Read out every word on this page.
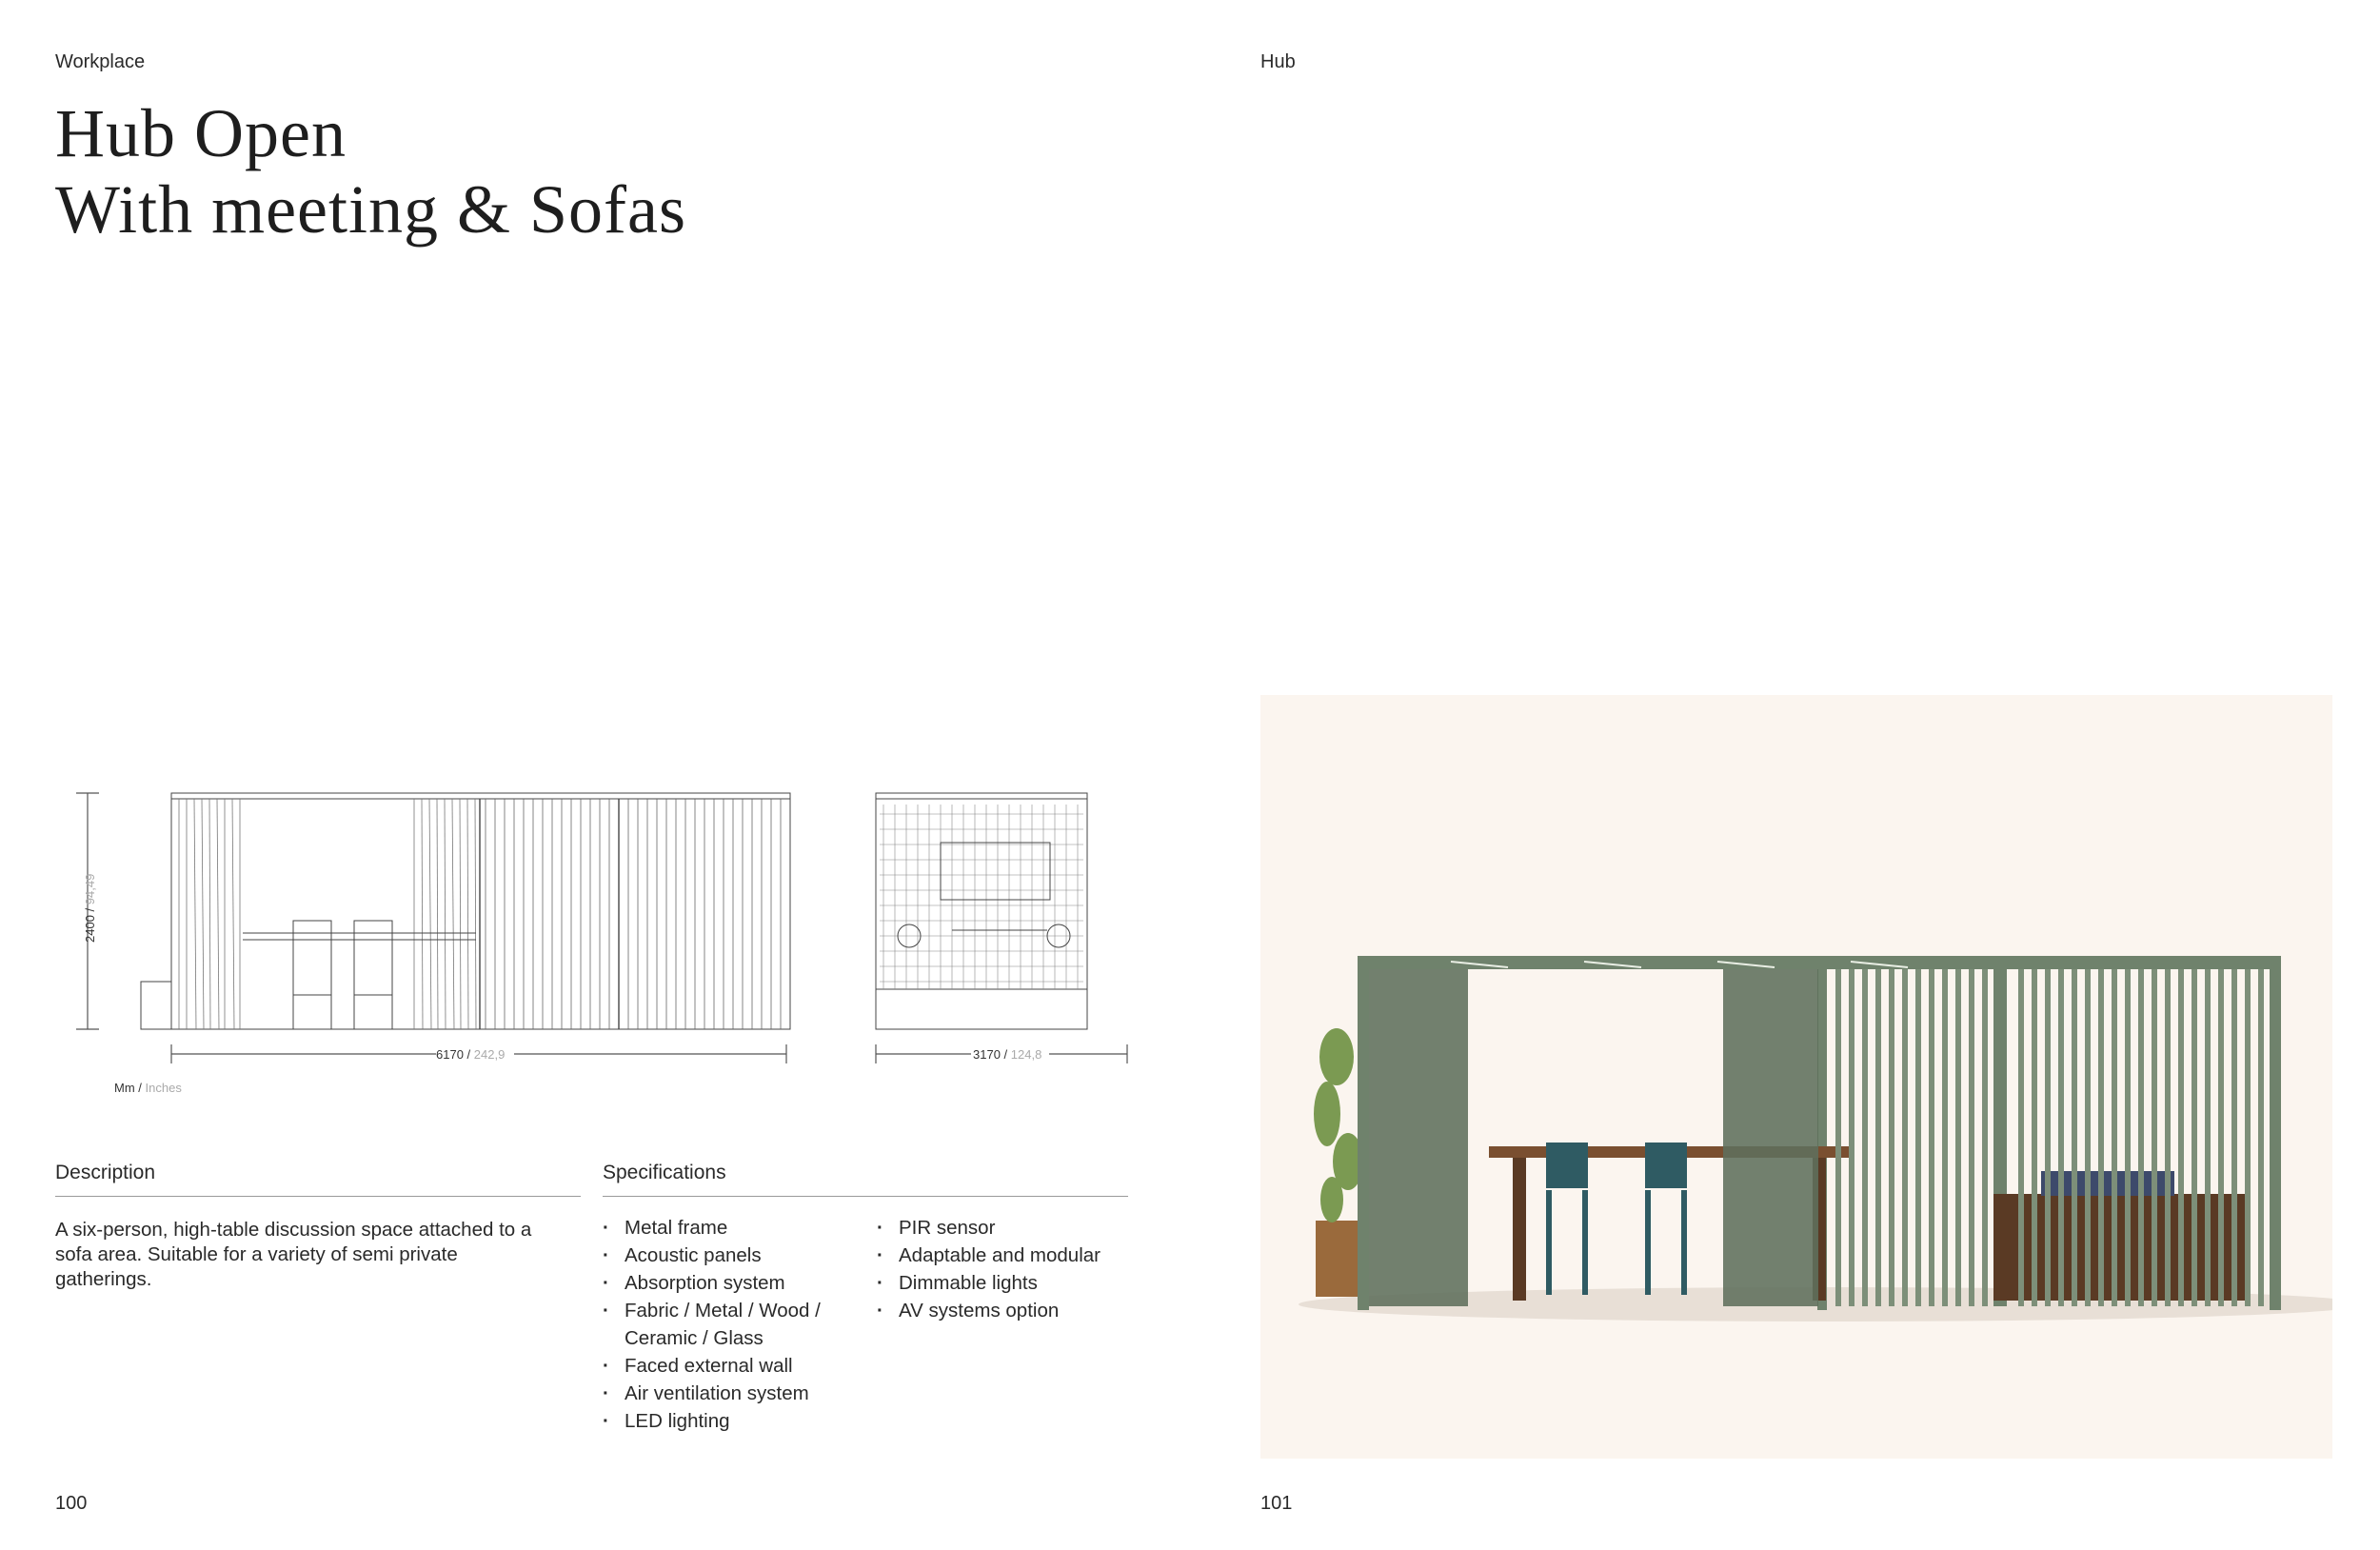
Workplace
Hub Open
With meeting & Sofas
2400 / 94,49
6170 / 242,9	3170 / 124,8
Mm / Inches
Description
A six-person, high-table discussion space attached to a sofa area. Suitable for a variety of semi private gatherings.
Specifications
· Metal frame
· Acoustic panels
· Absorption system
· Fabric / Metal / Wood / Ceramic / Glass
· Faced external wall
· Air ventilation system
· LED lighting
· PIR sensor
· Adaptable and modular
· Dimmable lights
· AV systems option
100
Hub
101
